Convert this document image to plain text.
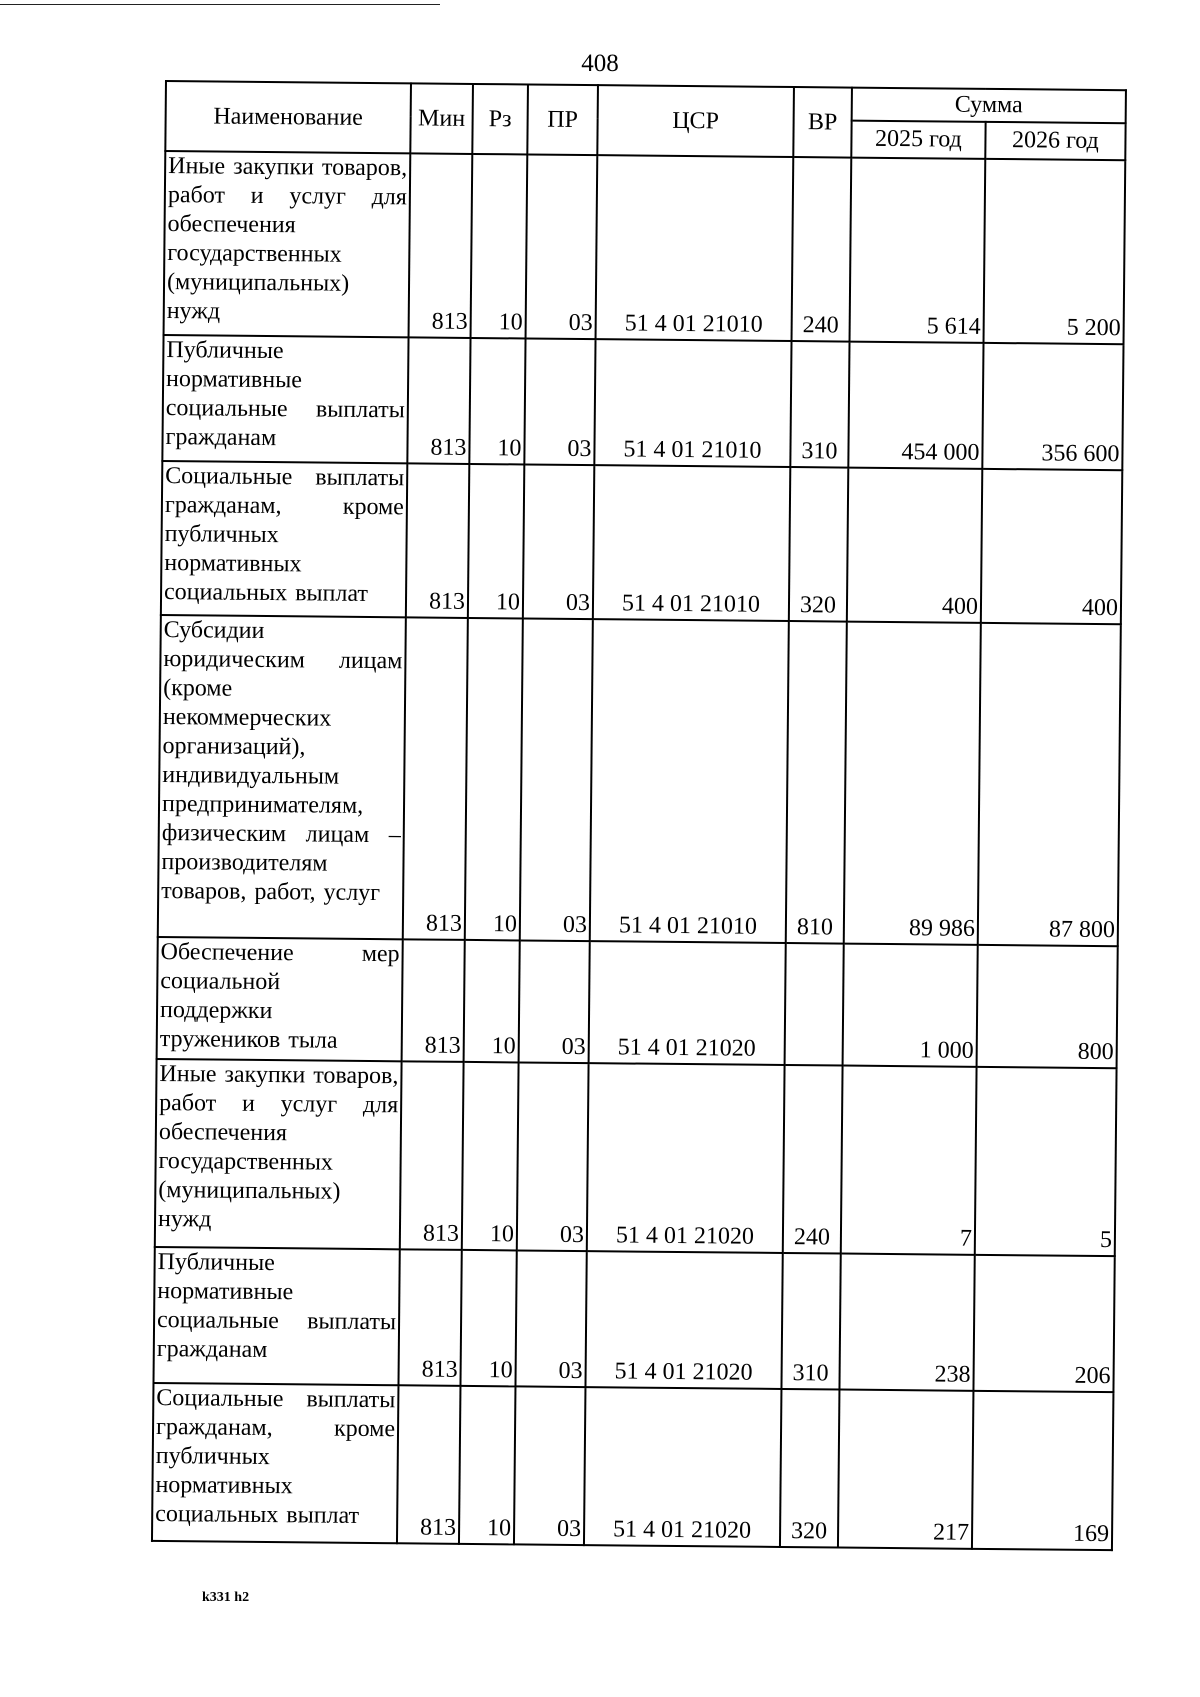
408
Наименование	Мин	Рз	ПР	ЦСР	ВР	Сумма	
						2025 год	2026 год
Иные закупки товаров, работ и услуг для обеспечения государственных (муниципальных) нужд	813	10	03	51 4 01 21010	240	5 614	5 200
Публичные нормативные социальные выплаты гражданам	813	10	03	51 4 01 21010	310	454 000	356 600
Социальные выплаты гражданам, кроме публичных нормативных социальных выплат	813	10	03	51 4 01 21010	320	400	400
Субсидии юридическим лицам (кроме некоммерческих организаций), индивидуальным предпринимателям, физическим лицам – производителям товаров, работ, услуг	813	10	03	51 4 01 21010	810	89 986	87 800
Обеспечение мер социальной поддержки тружеников тыла	813	10	03	51 4 01 21020		1 000	800
Иные закупки товаров, работ и услуг для обеспечения государственных (муниципальных) нужд	813	10	03	51 4 01 21020	240	7	5
Публичные нормативные социальные выплаты гражданам	813	10	03	51 4 01 21020	310	238	206
Социальные выплаты гражданам, кроме публичных нормативных социальных выплат	813	10	03	51 4 01 21020	320	217	169
k331 h2
